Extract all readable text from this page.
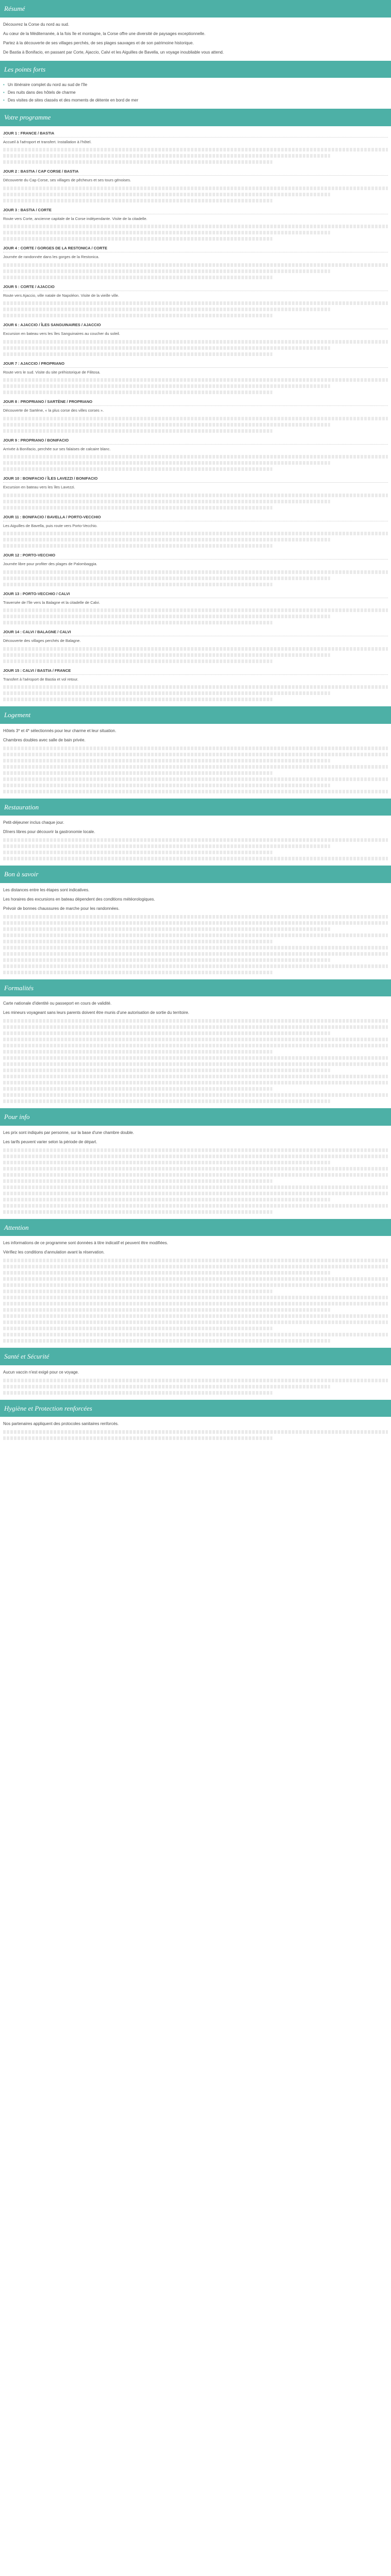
Résumé

Découvrez la Corse du nord au sud.

Au cœur de la Méditerranée, à la fois île et montagne, la Corse offre une diversité de paysages exceptionnelle.

Partez à la découverte de ses villages perchés, de ses plages sauvages et de son patrimoine historique.

De Bastia à Bonifacio, en passant par Corte, Ajaccio, Calvi et les Aiguilles de Bavella, un voyage inoubliable vous attend.

Les points forts
• Un itinéraire complet du nord au sud de l'île
• Des nuits dans des hôtels de charme
• Des visites de sites classés et des moments de détente en bord de mer
Votre programme
JOUR 1 : FRANCE / BASTIA

Accueil à l'aéroport et transfert. Installation à l'hôtel.

JOUR 2 : BASTIA / CAP CORSE / BASTIA

Découverte du Cap Corse, ses villages de pêcheurs et ses tours génoises.

JOUR 3 : BASTIA / CORTE

Route vers Corte, ancienne capitale de la Corse indépendante. Visite de la citadelle.

JOUR 4 : CORTE / GORGES DE LA RESTONICA / CORTE

Journée de randonnée dans les gorges de la Restonica.

JOUR 5 : CORTE / AJACCIO

Route vers Ajaccio, ville natale de Napoléon. Visite de la vieille ville.

JOUR 6 : AJACCIO / ÎLES SANGUINAIRES / AJACCIO

Excursion en bateau vers les îles Sanguinaires au coucher du soleil.

JOUR 7 : AJACCIO / PROPRIANO

Route vers le sud. Visite du site préhistorique de Filitosa.

JOUR 8 : PROPRIANO / SARTÈNE / PROPRIANO

Découverte de Sartène, « la plus corse des villes corses ».

JOUR 9 : PROPRIANO / BONIFACIO

Arrivée à Bonifacio, perchée sur ses falaises de calcaire blanc.

JOUR 10 : BONIFACIO / ÎLES LAVEZZI / BONIFACIO

Excursion en bateau vers les îles Lavezzi.

JOUR 11 : BONIFACIO / BAVELLA / PORTO-VECCHIO

Les Aiguilles de Bavella, puis route vers Porto-Vecchio.

JOUR 12 : PORTO-VECCHIO

Journée libre pour profiter des plages de Palombaggia.

JOUR 13 : PORTO-VECCHIO / CALVI

Traversée de l'île vers la Balagne et la citadelle de Calvi.

JOUR 14 : CALVI / BALAGNE / CALVI

Découverte des villages perchés de Balagne.

JOUR 15 : CALVI / BASTIA / FRANCE

Transfert à l'aéroport de Bastia et vol retour.

Logement

Hôtels 3* et 4* sélectionnés pour leur charme et leur situation.

Chambres doubles avec salle de bain privée.

Restauration

Petit-déjeuner inclus chaque jour.

Dîners libres pour découvrir la gastronomie locale.

Bon à savoir

Les distances entre les étapes sont indicatives.

Les horaires des excursions en bateau dépendent des conditions météorologiques.

Prévoir de bonnes chaussures de marche pour les randonnées.

Formalités

Carte nationale d'identité ou passeport en cours de validité.

Les mineurs voyageant sans leurs parents doivent être munis d'une autorisation de sortie du territoire.

Pour info

Les prix sont indiqués par personne, sur la base d'une chambre double.

Les tarifs peuvent varier selon la période de départ.

Attention

Les informations de ce programme sont données à titre indicatif et peuvent être modifiées.

Vérifiez les conditions d'annulation avant la réservation.

Santé et Sécurité

Aucun vaccin n'est exigé pour ce voyage.

Hygiène et Protection renforcées

Nos partenaires appliquent des protocoles sanitaires renforcés.
